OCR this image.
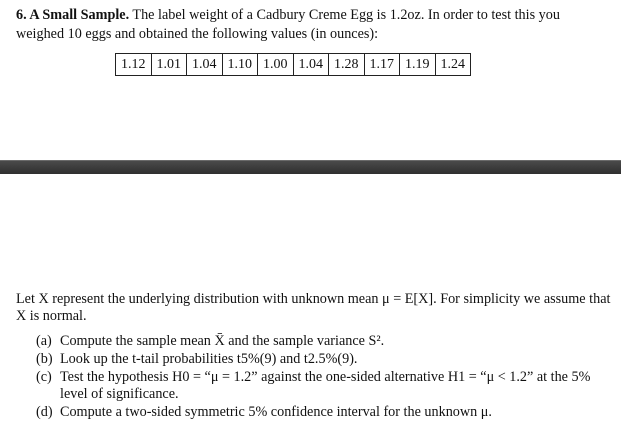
6. A Small Sample. The label weight of a Cadbury Creme Egg is 1.2oz. In order to test this you weighed 10 eggs and obtained the following values (in ounces):
1.12	1.01	1.04	1.10	1.00	1.04	1.28	1.17	1.19	1.24

Let X represent the underlying distribution with unknown mean μ = E[X]. For simplicity we assume that X is normal.

(a) Compute the sample mean X̄ and the sample variance S².
(b) Look up the t-tail probabilities t5%(9) and t2.5%(9).
(c) Test the hypothesis H0 = “μ = 1.2” against the one-sided alternative H1 = “μ < 1.2” at the 5% level of significance.
(d) Compute a two-sided symmetric 5% confidence interval for the unknown μ.
